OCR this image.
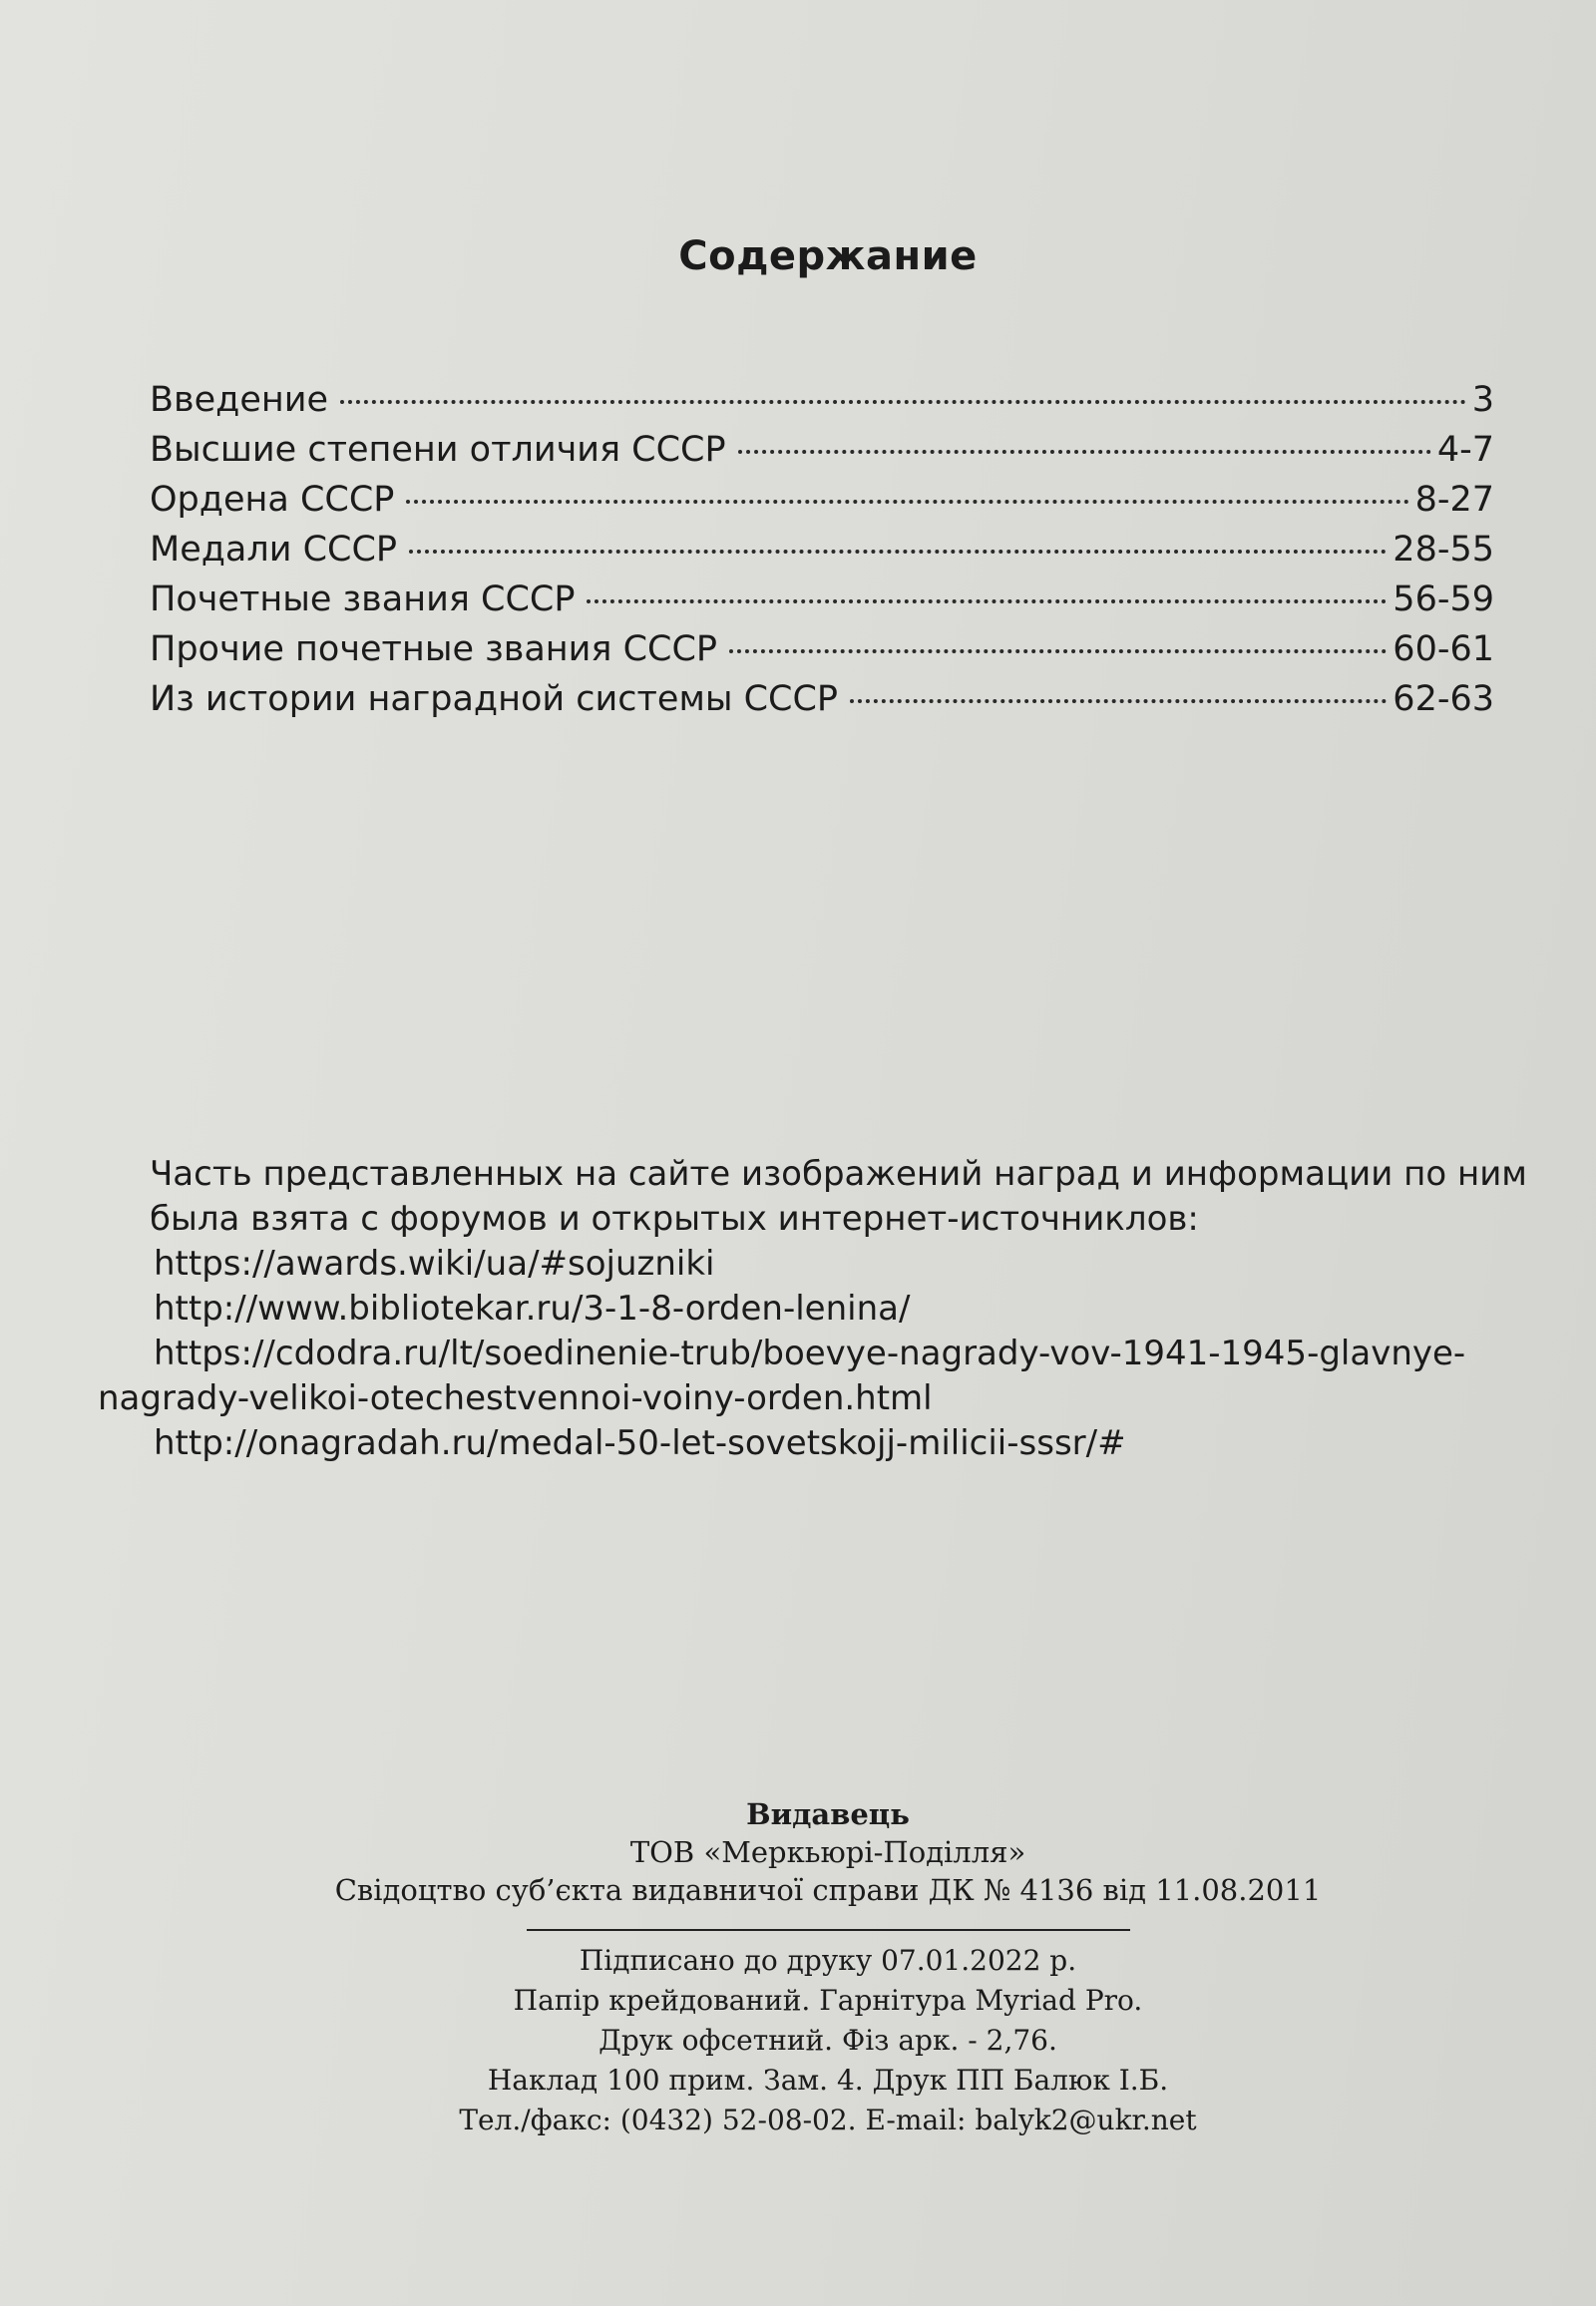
Содержание
Введение	3
Высшие степени отличия СССР	4-7
Ордена СССР	8-27
Медали СССР	28-55
Почетные звания СССР	56-59
Прочие почетные звания СССР	60-61
Из истории наградной системы СССР	62-63
Часть представленных на сайте изображений наград и информации по ним
была взята с форумов и открытых интернет-источниклов:
https://awards.wiki/ua/#sojuzniki
http://www.bibliotekar.ru/3-1-8-orden-lenina/
https://cdodra.ru/lt/soedinenie-trub/boevye-nagrady-vov-1941-1945-glavnye-
nagrady-velikoi-otechestvennoi-voiny-orden.html
http://onagradah.ru/medal-50-let-sovetskojj-milicii-sssr/#
Видавець
ТОВ «Меркьюрі-Поділля»
Свідоцтво суб’єкта видавничої справи ДК № 4136 від 11.08.2011
Підписано до друку 07.01.2022 р.
Папір крейдований. Гарнітура Myriad Pro.
Друк офсетний. Фіз арк. - 2,76.
Наклад 100 прим. Зам. 4. Друк ПП Балюк І.Б.
Тел./факс: (0432) 52-08-02. E-mail: balyk2@ukr.net
